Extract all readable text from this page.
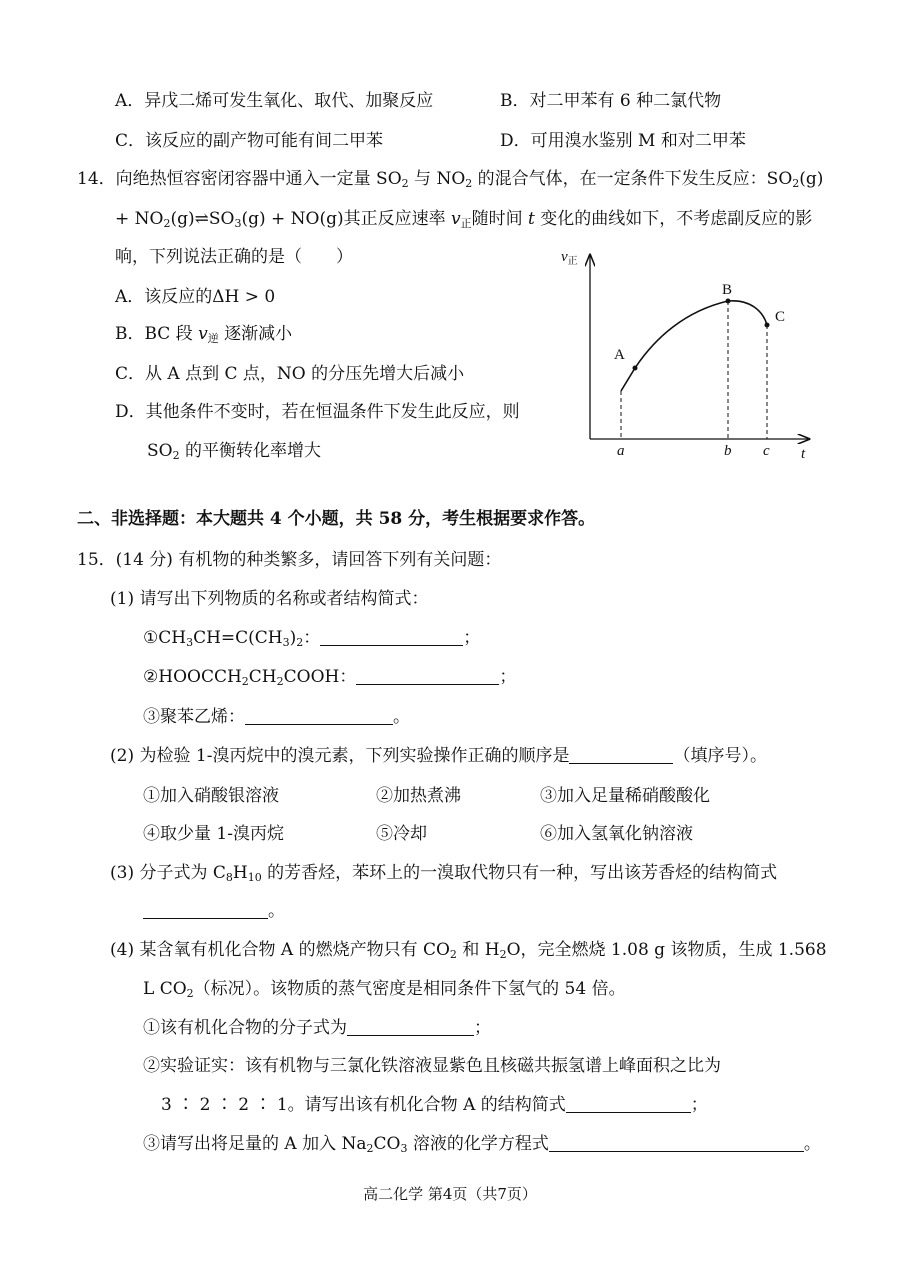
A．异戊二烯可发生氧化、取代、加聚反应	B．对二甲苯有 6 种二氯代物
C．该反应的副产物可能有间二甲苯	D．可用溴水鉴别 M 和对二甲苯
14．向绝热恒容密闭容器中通入一定量 $SO_2$ 与 $NO_2$ 的混合气体，在一定条件下发生反应：$SO_2(g)$
+ $NO_2(g)\rightleftharpoons SO_3(g) + NO(g)$其正反应速率 $v_正$随时间 t 变化的曲线如下，不考虑副反应的影
响，下列说法正确的是（　　）
A．该反应的ΔH > 0
B．BC 段 $v_逆$ 逐渐减小
C．从 A 点到 C 点，NO 的分压先增大后减小
D．其他条件不变时，若在恒温条件下发生此反应，则
$SO_2$ 的平衡转化率增大
$v_正$
t
A
B
C
a	b c
二、非选择题：本大题共 4 个小题，共 58 分，考生根据要求作答。
15．(14 分) 有机物的种类繁多，请回答下列有关问题：
(1) 请写出下列物质的名称或者结构简式：
$①CH_3CH=C(CH_3)_2$：	；
$②HOOCCH_2CH_2COOH$：	；
③聚苯乙烯：	。
(2) 为检验 1-溴丙烷中的溴元素，下列实验操作正确的顺序是	（填序号）。
①加入硝酸银溶液	②加热煮沸	③加入足量稀硝酸酸化
④取少量 1-溴丙烷	⑤冷却	⑥加入氢氧化钠溶液
(3) 分子式为 $C_8H_{10}$ 的芳香烃，苯环上的一溴取代物只有一种，写出该芳香烃的结构简式
。
(4) 某含氧有机化合物 A 的燃烧产物只有 $CO_2$ 和 $H_2O$，完全燃烧 1.08 g 该物质，生成 1.568
L $CO_2$（标况）。该物质的蒸气密度是相同条件下氢气的 54 倍。
①该有机化合物的分子式为	；
②实验证实：该有机物与三氯化铁溶液显紫色且核磁共振氢谱上峰面积之比为
3 ∶ 2 ∶ 2 ∶ 1。请写出该有机化合物 A 的结构简式	；
③请写出将足量的 A 加入 $Na_2CO_3$ 溶液的化学方程式	。
高二化学 第4页（共7页）
